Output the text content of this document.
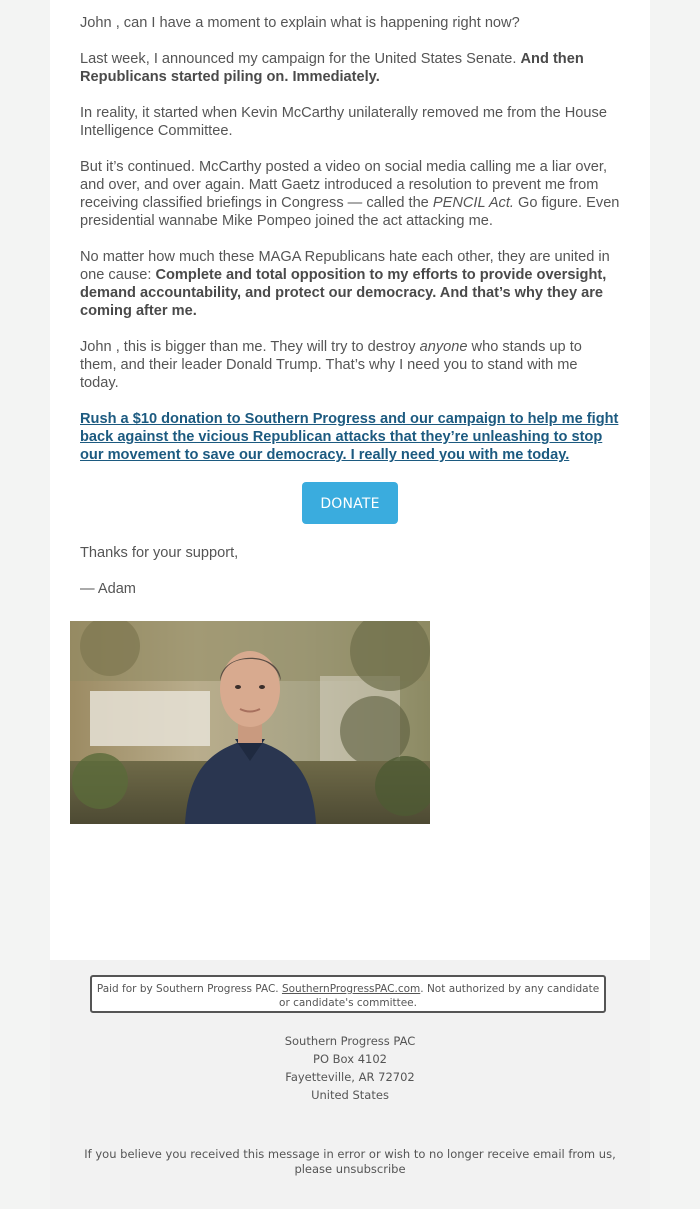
John , can I have a moment to explain what is happening right now?

Last week, I announced my campaign for the United States Senate. And then Republicans started piling on. Immediately.

In reality, it started when Kevin McCarthy unilaterally removed me from the House Intelligence Committee.

But it’s continued. McCarthy posted a video on social media calling me a liar over, and over, and over again. Matt Gaetz introduced a resolution to prevent me from receiving classified briefings in Congress — called the PENCIL Act. Go figure. Even presidential wannabe Mike Pompeo joined the act attacking me.

No matter how much these MAGA Republicans hate each other, they are united in one cause: Complete and total opposition to my efforts to provide oversight, demand accountability, and protect our democracy. And that’s why they are coming after me.

John , this is bigger than me. They will try to destroy anyone who stands up to them, and their leader Donald Trump. That’s why I need you to stand with me today.

Rush a $10 donation to Southern Progress and our campaign to help me fight back against the vicious Republican attacks that they’re unleashing to stop our movement to save our democracy. I really need you with me today.

DONATE

Thanks for your support,

— Adam

Paid for by Southern Progress PAC. SouthernProgressPAC.com. Not authorized by any candidate or candidate's committee.
Southern Progress PAC
PO Box 4102
Fayetteville, AR 72702
United States
If you believe you received this message in error or wish to no longer receive email from us, please unsubscribe
